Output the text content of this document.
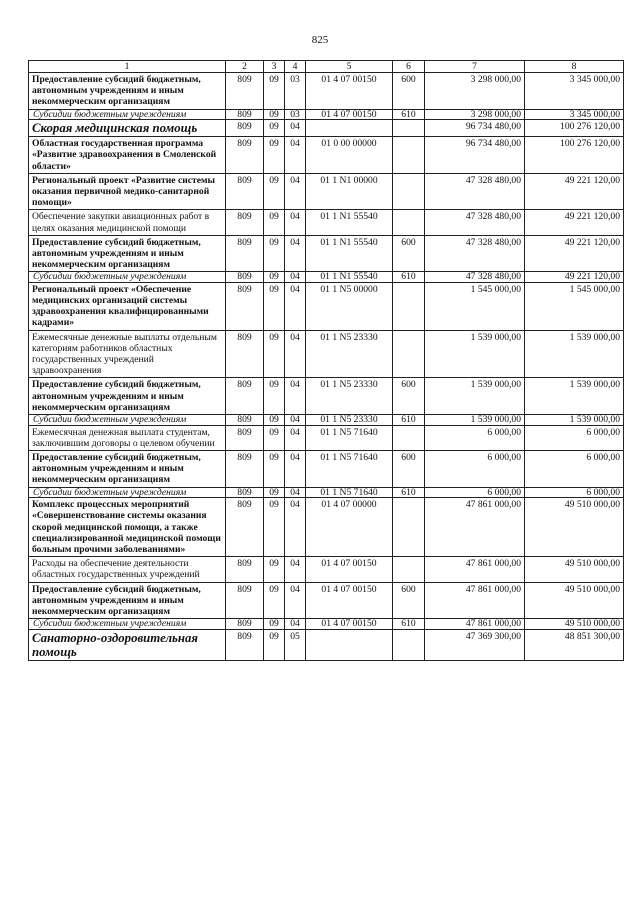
825
1	2	3	4	5	6	7	8
Предоставление субсидий бюджетным, автономным учреждениям и иным некоммерческим организациям	809	09	03	01 4 07 00150	600	3 298 000,00	3 345 000,00
Субсидии бюджетным учреждениям	809	09	03	01 4 07 00150	610	3 298 000,00	3 345 000,00
Скорая медицинская помощь	809	09	04			96 734 480,00	100 276 120,00
Областная государственная программа «Развитие здравоохранения в Смоленской области»	809	09	04	01 0 00 00000		96 734 480,00	100 276 120,00
Региональный проект «Развитие системы оказания первичной медико-санитарной помощи»	809	09	04	01 1 N1 00000		47 328 480,00	49 221 120,00
Обеспечение закупки авиационных работ в целях оказания медицинской помощи	809	09	04	01 1 N1 55540		47 328 480,00	49 221 120,00
Предоставление субсидий бюджетным, автономным учреждениям и иным некоммерческим организациям	809	09	04	01 1 N1 55540	600	47 328 480,00	49 221 120,00
Субсидии бюджетным учреждениям	809	09	04	01 1 N1 55540	610	47 328 480,00	49 221 120,00
Региональный проект «Обеспечение медицинских организаций системы здравоохранения квалифицированными кадрами»	809	09	04	01 1 N5 00000		1 545 000,00	1 545 000,00
Ежемесячные денежные выплаты отдельным категориям работников областных государственных учреждений здравоохранения	809	09	04	01 1 N5 23330		1 539 000,00	1 539 000,00
Предоставление субсидий бюджетным, автономным учреждениям и иным некоммерческим организациям	809	09	04	01 1 N5 23330	600	1 539 000,00	1 539 000,00
Субсидии бюджетным учреждениям	809	09	04	01 1 N5 23330	610	1 539 000,00	1 539 000,00
Ежемесячная денежная выплата студентам, заключившим договоры о целевом обучении	809	09	04	01 1 N5 71640		6 000,00	6 000,00
Предоставление субсидий бюджетным, автономным учреждениям и иным некоммерческим организациям	809	09	04	01 1 N5 71640	600	6 000,00	6 000,00
Субсидии бюджетным учреждениям	809	09	04	01 1 N5 71640	610	6 000,00	6 000,00
Комплекс процессных мероприятий «Совершенствование системы оказания скорой медицинской помощи, а также специализированной медицинской помощи больным прочими заболеваниями»	809	09	04	01 4 07 00000		47 861 000,00	49 510 000,00
Расходы на обеспечение деятельности областных государственных учреждений	809	09	04	01 4 07 00150		47 861 000,00	49 510 000,00
Предоставление субсидий бюджетным, автономным учреждениям и иным некоммерческим организациям	809	09	04	01 4 07 00150	600	47 861 000,00	49 510 000,00
Субсидии бюджетным учреждениям	809	09	04	01 4 07 00150	610	47 861 000,00	49 510 000,00
Санаторно-оздоровительная помощь	809	09	05			47 369 300,00	48 851 300,00
